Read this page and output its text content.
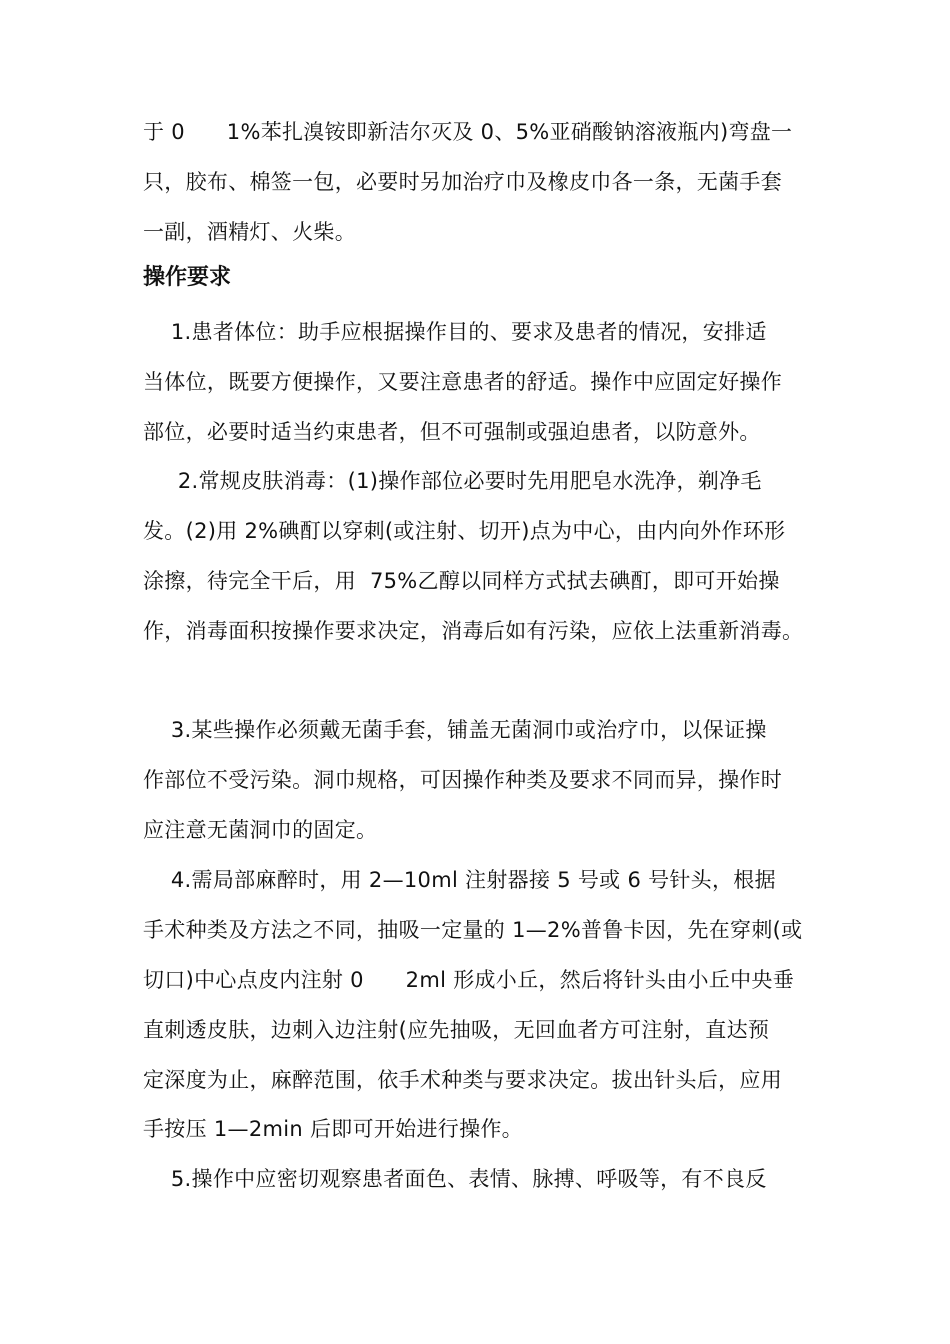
于 0      1%苯扎溴铵即新洁尔灭及 0、5%亚硝酸钠溶液瓶内)弯盘一
只，胶布、棉签一包，必要时另加治疗巾及橡皮巾各一条，无菌手套
一副，酒精灯、火柴。
操作要求
1.患者体位：助手应根据操作目的、要求及患者的情况，安排适
当体位，既要方便操作，又要注意患者的舒适。操作中应固定好操作
部位，必要时适当约束患者，但不可强制或强迫患者，以防意外。
2.常规皮肤消毒：(1)操作部位必要时先用肥皂水洗净，剃净毛
发。(2)用 2%碘酊以穿刺(或注射、切开)点为中心，由内向外作环形
涂擦，待完全干后，用  75%乙醇以同样方式拭去碘酊，即可开始操
作，消毒面积按操作要求决定，消毒后如有污染，应依上法重新消毒。
3.某些操作必须戴无菌手套，铺盖无菌洞巾或治疗巾，以保证操
作部位不受污染。洞巾规格，可因操作种类及要求不同而异，操作时
应注意无菌洞巾的固定。
4.需局部麻醉时，用 2—10ml 注射器接 5 号或 6 号针头，根据
手术种类及方法之不同，抽吸一定量的 1—2%普鲁卡因，先在穿刺(或
切口)中心点皮内注射 0      2ml 形成小丘，然后将针头由小丘中央垂
直刺透皮肤，边刺入边注射(应先抽吸，无回血者方可注射，直达预
定深度为止，麻醉范围，依手术种类与要求决定。拔出针头后，应用
手按压 1—2min 后即可开始进行操作。
5.操作中应密切观察患者面色、表情、脉搏、呼吸等，有不良反
